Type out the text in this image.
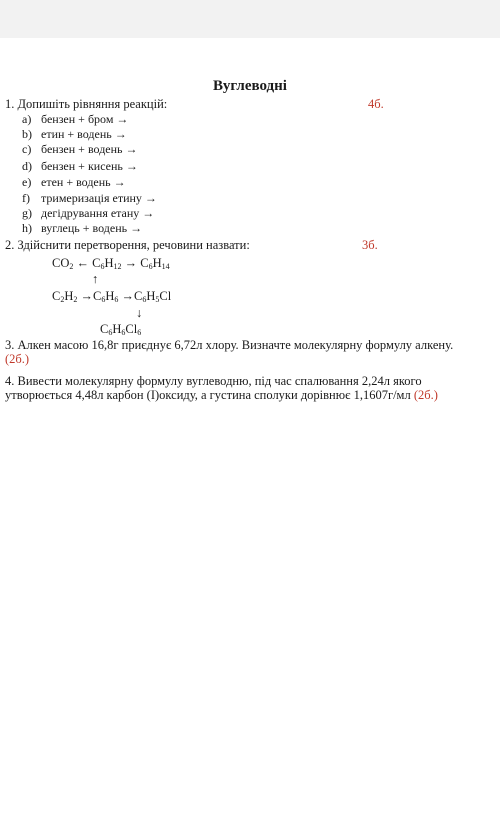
Вуглеводні
1. Допишіть рівняння реакцій:	4б.
a) бензен + бром →
b) етин + водень →
c) бензен + водень →
d) бензен + кисень →
e) етен + водень →
f) тримеризація етину →
g) дегідрування етану →
h) вуглець + водень →
2. Здійснити перетворення, речовини назвати:	3б.
$CO_2$ ← $C_6H_{12} \to C_6H_{14}$
↑
$C_2H_2 \to C_6H_6 \to C_6H_5Cl$
↓
$C_6H_6Cl_6$
3. Алкен масою 16,8г приєднує 6,72л хлору. Визначте молекулярну формулу алкену. (2б.)
4. Вивести молекулярну формулу вуглеводню, під час спалювання 2,24л якого утворюється 4,48л карбон (І)оксиду, а густина сполуки дорівнює 1,1607г/мл (2б.)
